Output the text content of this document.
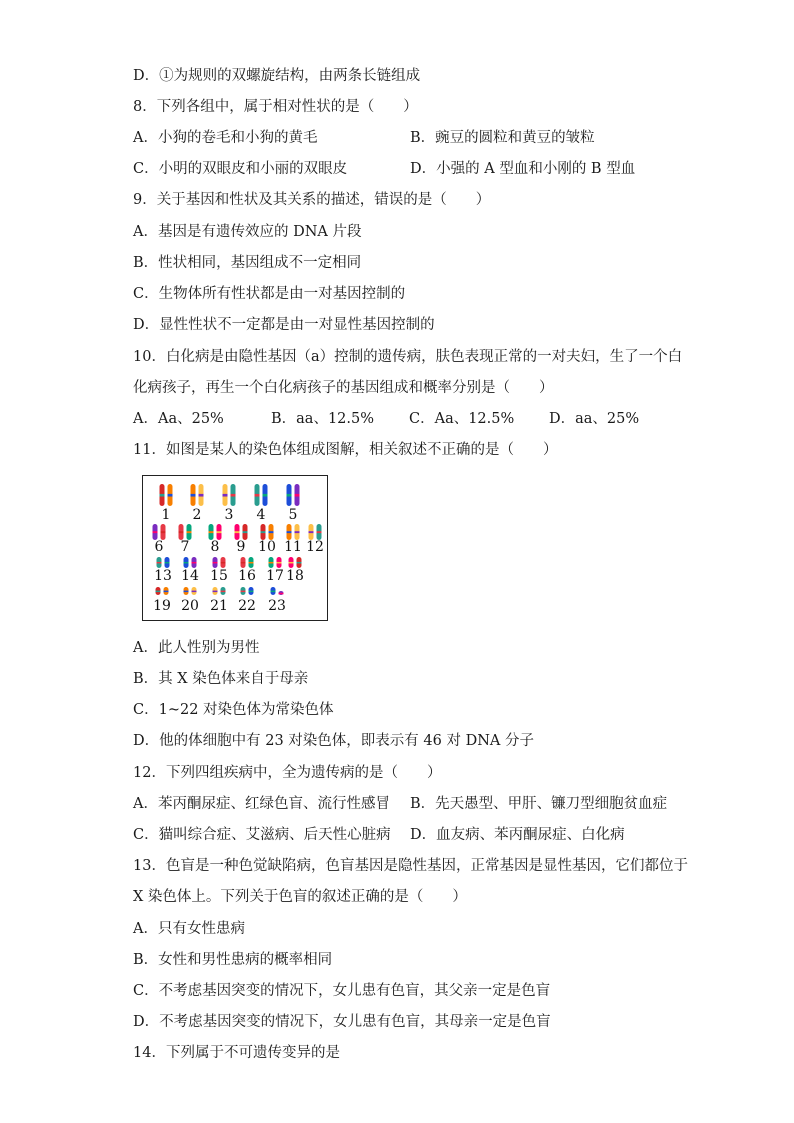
D．①为规则的双螺旋结构，由两条长链组成
8．下列各组中，属于相对性状的是（　　）
A．小狗的卷毛和小狗的黄毛	B．豌豆的圆粒和黄豆的皱粒
C．小明的双眼皮和小丽的双眼皮	D．小强的 A 型血和小刚的 B 型血
9．关于基因和性状及其关系的描述，错误的是（　　）
A．基因是有遗传效应的 DNA 片段
B．性状相同，基因组成不一定相同
C．生物体所有性状都是由一对基因控制的
D．显性性状不一定都是由一对显性基因控制的
10．白化病是由隐性基因（a）控制的遗传病，肤色表现正常的一对夫妇，生了一个白
化病孩子，再生一个白化病孩子的基因组成和概率分别是（　　）
A．Aa、25%	B．aa、12.5% C．Aa、12.5% D．aa、25%
11．如图是某人的染色体组成图解，相关叙述不正确的是（　　）
1 2 3 4 5
6 7 8 9 10 11 12
13 14 15 16 17 18
19 20 21 22 23
A．此人性别为男性
B．其 X 染色体来自于母亲
C．1~22 对染色体为常染色体
D．他的体细胞中有 23 对染色体，即表示有 46 对 DNA 分子
12．下列四组疾病中，全为遗传病的是（　　）
A．苯丙酮尿症、红绿色盲、流行性感冒 B．先天愚型、甲肝、镰刀型细胞贫血症
C．猫叫综合症、艾滋病、后天性心脏病 D．血友病、苯丙酮尿症、白化病
13．色盲是一种色觉缺陷病，色盲基因是隐性基因，正常基因是显性基因，它们都位于
X 染色体上。下列关于色盲的叙述正确的是（　　）
A．只有女性患病
B．女性和男性患病的概率相同
C．不考虑基因突变的情况下，女儿患有色盲，其父亲一定是色盲
D．不考虑基因突变的情况下，女儿患有色盲，其母亲一定是色盲
14．下列属于不可遗传变异的是
